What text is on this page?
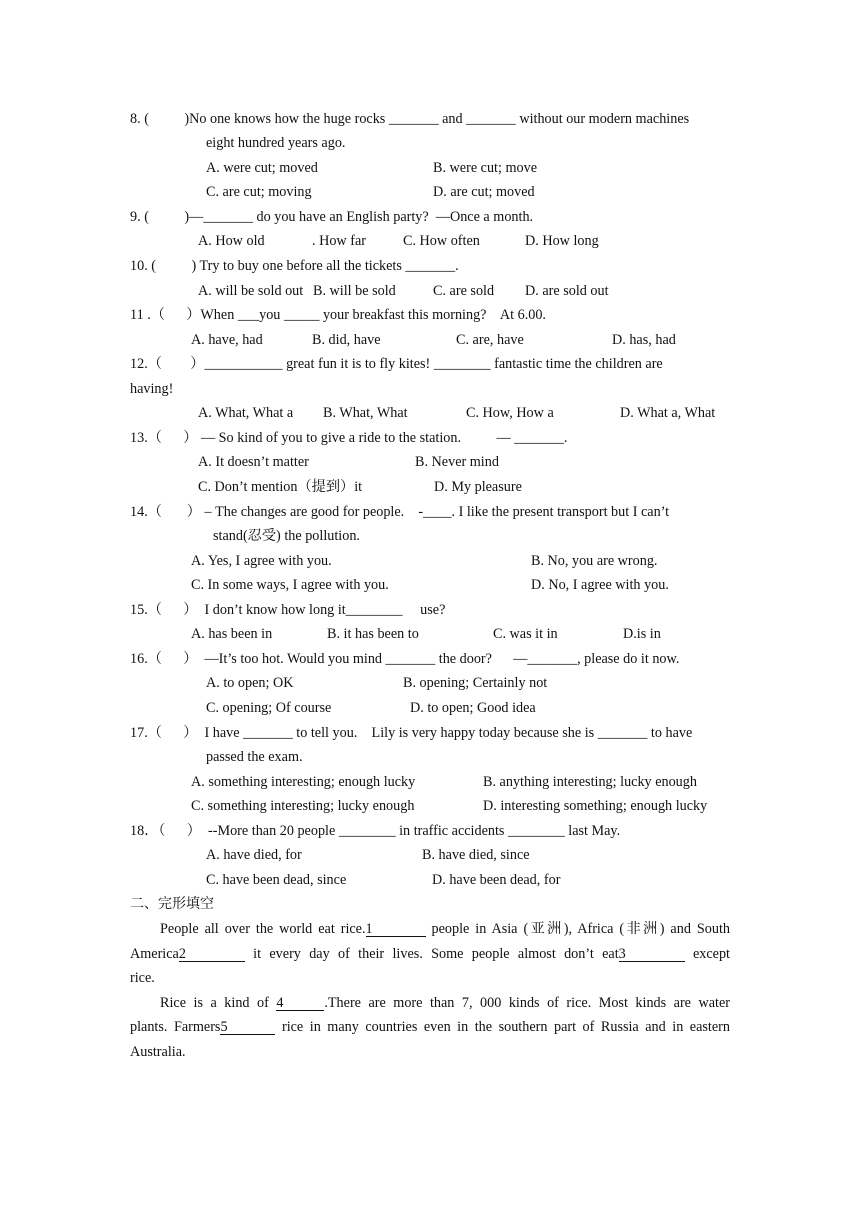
8. (          )No one knows how the huge rocks _______ and _______ without our modern machines
eight hundred years ago.
A. were cut; moved	B. were cut; move
C. are cut; moving	D. are cut; moved
9. (          )—_______ do you have an English party?  —Once a month.
A. How old	. How far	C. How often	D. How long
10. (          ) Try to buy one before all the tickets _______.
A. will be sold out B. will be sold	C. are sold D. are sold out
11 .（      ）When ___you _____ your breakfast this morning?    At 6.00.
A. have, had	B. did, have	C. are, have	D. has, had
12.（        ）___________ great fun it is to fly kites! ________ fantastic time the children are
having!
A. What, What a B. What, What	C. How, How a	D. What a, What
13.（      ） — So kind of you to give a ride to the station.          — _______.
A. It doesn’t matter	B. Never mind
C. Don’t mention（提到）it	D. My pleasure
14.（       ） – The changes are good for people.    -____. I like the present transport but I can’t
stand(忍受) the pollution.
A. Yes, I agree with you.	B. No, you are wrong.
C. In some ways, I agree with you.	D. No, I agree with you.
15.（      ）  I don’t know how long it________     use?
A. has been in	B. it has been to	C. was it in	D.is in
16.（      ）  —It’s too hot. Would you mind _______ the door?      —_______, please do it now.
A. to open; OK	B. opening; Certainly not
C. opening; Of course	D. to open; Good idea
17.（      ）  I have _______ to tell you.    Lily is very happy today because she is _______ to have
passed the exam.
A. something interesting; enough lucky	B. anything interesting; lucky enough
C. something interesting; lucky enough	D. interesting something; enough lucky
18．（      ）  --More than 20 people ________ in traffic accidents ________ last May.
A. have died, for	B. have died, since
C. have been dead, since	D. have been dead, for
二、完形填空
People all over the world eat rice.1	people in Asia (亚洲), Africa (非洲) and South
America2	it every day of their lives. Some people almost don’t eat3	except
rice.
Rice is a kind of 4	.There are more than 7, 000 kinds of rice. Most kinds are water
plants. Farmers5	rice in many countries even in the southern part of Russia and in eastern
Australia.
